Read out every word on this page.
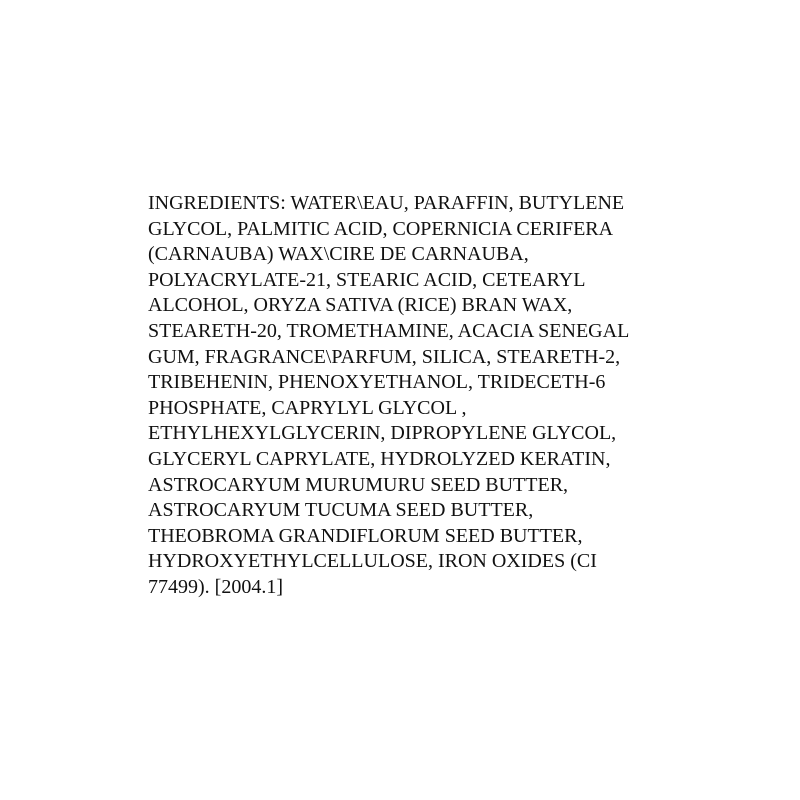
INGREDIENTS: WATER\EAU, PARAFFIN, BUTYLENE
GLYCOL, PALMITIC ACID, COPERNICIA CERIFERA
(CARNAUBA) WAX\CIRE DE CARNAUBA,
POLYACRYLATE-21, STEARIC ACID, CETEARYL
ALCOHOL, ORYZA SATIVA (RICE) BRAN WAX,
STEARETH-20, TROMETHAMINE, ACACIA SENEGAL
GUM, FRAGRANCE\PARFUM, SILICA, STEARETH-2,
TRIBEHENIN, PHENOXYETHANOL, TRIDECETH-6
PHOSPHATE, CAPRYLYL GLYCOL ,
ETHYLHEXYLGLYCERIN, DIPROPYLENE GLYCOL,
GLYCERYL CAPRYLATE, HYDROLYZED KERATIN,
ASTROCARYUM MURUMURU SEED BUTTER,
ASTROCARYUM TUCUMA SEED BUTTER,
THEOBROMA GRANDIFLORUM SEED BUTTER,
HYDROXYETHYLCELLULOSE, IRON OXIDES (CI
77499). [2004.1]
